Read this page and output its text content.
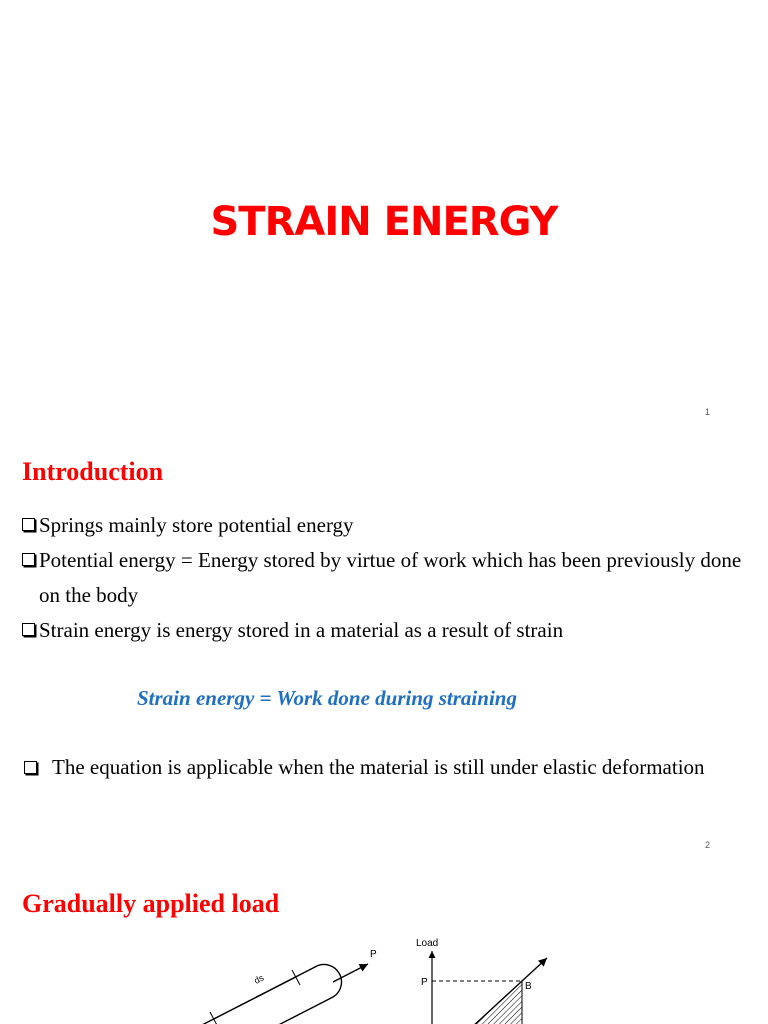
STRAIN ENERGY
1
Introduction
Springs mainly store potential energy
Potential energy = Energy stored by virtue of work which has been previously done on the body
Strain energy is energy stored in a material as a result of strain

Strain energy = Work done during straining

The equation is applicable when the material is still under elastic deformation
2
Gradually applied load
ds
P
Load
P	B
